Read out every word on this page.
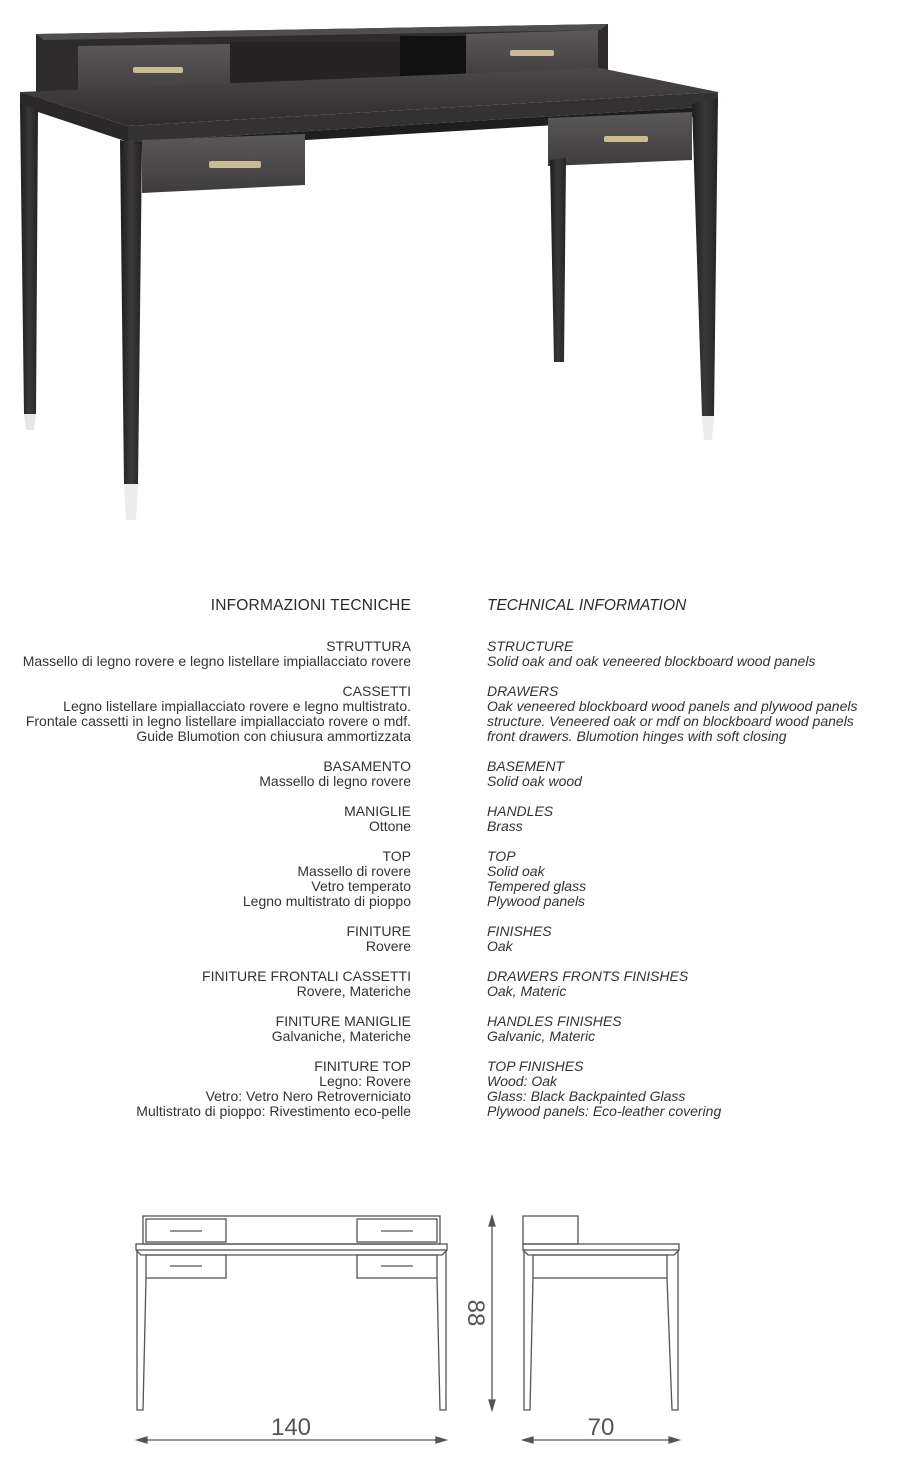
INFORMAZIONI TECNICHE	TECHNICAL INFORMATION
STRUTTURA
Massello di legno rovere e legno listellare impiallacciato rovere
CASSETTI
Legno listellare impiallacciato rovere e legno multistrato.
Frontale cassetti in legno listellare impiallacciato rovere o mdf.
Guide Blumotion con chiusura ammortizzata
BASAMENTO
Massello di legno rovere
MANIGLIE
Ottone
TOP
Massello di rovere
Vetro temperato
Legno multistrato di pioppo
FINITURE
Rovere
FINITURE FRONTALI CASSETTI
Rovere, Materiche
FINITURE MANIGLIE
Galvaniche, Materiche
FINITURE TOP
Legno: Rovere
Vetro: Vetro Nero Retroverniciato
Multistrato di pioppo: Rivestimento eco-pelle
STRUCTURE
Solid oak and oak veneered blockboard wood panels
DRAWERS
Oak veneered blockboard wood panels and plywood panels
structure. Veneered oak or mdf on blockboard wood panels
front drawers. Blumotion hinges with soft closing
BASEMENT
Solid oak wood
HANDLES
Brass
TOP
Solid oak
Tempered glass
Plywood panels
FINISHES
Oak
DRAWERS FRONTS FINISHES
Oak, Materic
HANDLES FINISHES
Galvanic, Materic
TOP FINISHES
Wood: Oak
Glass: Black Backpainted Glass
Plywood panels: Eco-leather covering
140	70
88
